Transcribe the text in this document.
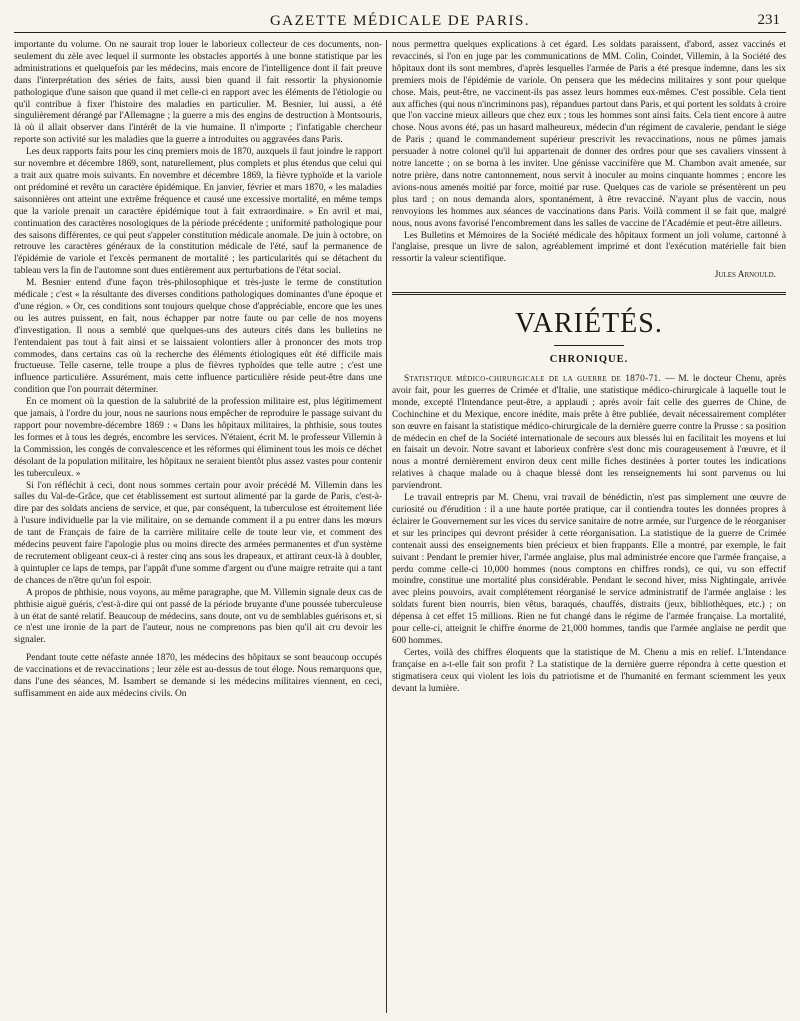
GAZETTE MÉDICALE DE PARIS.	231

importante du volume. On ne saurait trop louer le laborieux collecteur de ces documents, non-seulement du zèle avec lequel il surmonte les obstacles apportés à une bonne statistique par les administrations et quelquefois par les médecins, mais encore de l'intelligence dont il fait preuve dans l'interprétation des séries de faits, aussi bien quand il fait ressortir la physionomie pathologique d'une saison que quand il met celle-ci en rapport avec les éléments de l'étiologie ou qu'il contribue à fixer l'histoire des maladies en particulier. M. Besnier, lui aussi, a été singulièrement dérangé par l'Allemagne ; la guerre a mis des engins de destruction à Montsouris, là où il allait observer dans l'intérêt de la vie humaine. Il n'importe ; l'infatigable chercheur reporte son activité sur les maladies que la guerre a introduites ou aggravées dans Paris.

Les deux rapports faits pour les cinq premiers mois de 1870, auxquels il faut joindre le rapport sur novembre et décembre 1869, sont, naturellement, plus complets et plus étendus que celui qui a trait aux quatre mois suivants. En novembre et décembre 1869, la fièvre typhoïde et la variole ont prédominé et revêtu un caractère épidémique. En janvier, février et mars 1870, « les maladies saisonnières ont atteint une extrême fréquence et causé une excessive mortalité, en même temps que la variole prenait un caractère épidémique tout à fait extraordinaire. » En avril et mai, continuation des caractères nosologiques de la période précédente ; uniformité pathologique pour des saisons différentes, ce qui peut s'appeler constitution médicale anomale. De juin à octobre, on retrouve les caractères généraux de la constitution médicale de l'été, sauf la permanence de l'épidémie de variole et l'excès permanent de mortalité ; les particularités qui se détachent du tableau vers la fin de l'automne sont dues entièrement aux perturbations de l'état social.

M. Besnier entend d'une façon très-philosophique et très-juste le terme de constitution médicale ; c'est « la résultante des diverses conditions pathologiques dominantes d'une époque et d'une région. » Or, ces conditions sont toujours quelque chose d'appréciable, encore que les unes ou les autres puissent, en fait, nous échapper par notre faute ou par celle de nos moyens d'investigation. Il nous a semblé que quelques-uns des auteurs cités dans les bulletins ne l'entendaient pas tout à fait ainsi et se laissaient volontiers aller à prononcer des mots trop commodes, dans certains cas où la recherche des éléments étiologiques eût été difficile mais fructueuse. Telle caserne, telle troupe a plus de fièvres typhoïdes que telle autre ; c'est une influence particulière. Assurément, mais cette influence particulière réside peut-être dans une condition que l'on pourrait déterminer.

En ce moment où la question de la salubrité de la profession militaire est, plus légitimement que jamais, à l'ordre du jour, nous ne saurions nous empêcher de reproduire le passage suivant du rapport pour novembre-décembre 1869 : « Dans les hôpitaux militaires, la phthisie, sous toutes les formes et à tous les degrés, encombre les services. N'étaient, écrit M. le professeur Villemin à la Commission, les congés de convalescence et les réformes qui éliminent tous les mois ce déchet désolant de la population militaire, les hôpitaux ne seraient bientôt plus assez vastes pour contenir les tuberculeux. »

Si l'on réfléchit à ceci, dont nous sommes certain pour avoir précédé M. Villemin dans les salles du Val-de-Grâce, que cet établissement est surtout alimenté par la garde de Paris, c'est-à-dire par des soldats anciens de service, et que, par conséquent, la tuberculose est étroitement liée à l'usure individuelle par la vie militaire, on se demande comment il a pu entrer dans les mœurs de tant de Français de faire de la carrière militaire celle de toute leur vie, et comment des médecins peuvent faire l'apologie plus ou moins directe des armées permanentes et d'un système de recrutement obligeant ceux-ci à rester cinq ans sous les drapeaux, et attirant ceux-là à doubler, à quintupler ce laps de temps, par l'appât d'une somme d'argent ou d'une maigre retraite qui a tant de chances de n'être qu'un fol espoir.

A propos de phthisie, nous voyons, au même paragraphe, que M. Villemin signale deux cas de phthisie aiguë guéris, c'est-à-dire qui ont passé de la période bruyante d'une poussée tuberculeuse à un état de santé relatif. Beaucoup de médecins, sans doute, ont vu de semblables guérisons et, si ce n'est une ironie de la part de l'auteur, nous ne comprenons pas bien qu'il ait cru devoir les signaler.

Pendant toute cette néfaste année 1870, les médecins des hôpitaux se sont beaucoup occupés de vaccinations et de revaccinations ; leur zèle est au-dessus de tout éloge. Nous remarquons que, dans l'une des séances, M. Isambert se demande si les médecins militaires viennent, en ceci, suffisamment en aide aux médecins civils. On

nous permettra quelques explications à cet égard. Les soldats paraissent, d'abord, assez vaccinés et revaccinés, si l'on en juge par les communications de MM. Colin, Coindet, Villemin, à la Société des hôpitaux dont ils sont membres, d'après lesquelles l'armée de Paris a été presque indemne, dans les six premiers mois de l'épidémie de variole. On pensera que les médecins militaires y sont pour quelque chose. Mais, peut-être, ne vaccinent-ils pas assez leurs hommes eux-mêmes. C'est possible. Cela tient aux affiches (qui nous n'incriminons pas), répandues partout dans Paris, et qui portent les soldats à croire que l'on vaccine mieux ailleurs que chez eux ; tous les hommes sont ainsi faits. Cela tient encore à autre chose. Nous avons été, pas un hasard malheureux, médecin d'un régiment de cavalerie, pendant le siége de Paris ; quand le commandement supérieur prescrivit les revaccinations, nous ne pûmes jamais persuader à notre colonel qu'il lui appartenait de donner des ordres pour que ses cavaliers vinssent à notre lancette ; on se borna à les inviter. Une génisse vaccinifère que M. Chambon avait amenée, sur notre prière, dans notre cantonnement, nous servit à inoculer au moins cinquante hommes ; encore les avions-nous amenés moitié par force, moitié par ruse. Quelques cas de variole se présentèrent un peu plus tard ; on nous demanda alors, spontanément, à être revacciné. N'ayant plus de vaccin, nous renvoyions les hommes aux séances de vaccinations dans Paris. Voilà comment il se fait que, malgré nous, nous avons favorisé l'encombrement dans les salles de vaccine de l'Académie et peut-être ailleurs.

Les Bulletins et Mémoires de la Société médicale des hôpitaux forment un joli volume, cartonné à l'anglaise, presque un livre de salon, agréablement imprimé et dont l'exécution matérielle fait bien ressortir la valeur scientifique.

Jules Arnould.
VARIÉTÉS.
CHRONIQUE.

Statistique médico-chirurgicale de la guerre de 1870-71. — M. le docteur Chenu, après avoir fait, pour les guerres de Crimée et d'Italie, une statistique médico-chirurgicale à laquelle tout le monde, excepté l'Intendance peut-être, a applaudi ; après avoir fait celle des guerres de Chine, de Cochinchine et du Mexique, encore inédite, mais prête à être publiée, devait nécessairement compléter son œuvre en faisant la statistique médico-chirurgicale de la dernière guerre contre la Prusse : sa position de médecin en chef de la Société internationale de secours aux blessés lui en facilitait les moyens et lui en faisait un devoir. Notre savant et laborieux confrère s'est donc mis courageusement à l'œuvre, et il nous a montré dernièrement environ deux cent mille fiches destinées à porter toutes les indications relatives à chaque malade ou à chaque blessé dont les renseignements lui sont parvenus ou lui parviendront.

Le travail entrepris par M. Chenu, vrai travail de bénédictin, n'est pas simplement une œuvre de curiosité ou d'érudition : il a une haute portée pratique, car il contiendra toutes les données propres à éclairer le Gouvernement sur les vices du service sanitaire de notre armée, sur l'urgence de le réorganiser et sur les principes qui devront présider à cette réorganisation. La statistique de la guerre de Crimée contenait aussi des enseignements bien précieux et bien frappants. Elle a montré, par exemple, le fait suivant : Pendant le premier hiver, l'armée anglaise, plus mal administrée encore que l'armée française, a perdu comme celle-ci 10,000 hommes (nous comptons en chiffres ronds), ce qui, vu son effectif moindre, constitue une mortalité plus considérable. Pendant le second hiver, miss Nightingale, arrivée avec pleins pouvoirs, avait complétement réorganisé le service administratif de l'armée anglaise : les soldats furent bien nourris, bien vêtus, baraqués, chauffés, distraits (jeux, bibliothèques, etc.) ; on dépensa à cet effet 15 millions. Rien ne fut changé dans le régime de l'armée française. La mortalité, pour celle-ci, atteignit le chiffre énorme de 21,000 hommes, tandis que l'armée anglaise ne perdit que 600 hommes.

Certes, voilà des chiffres éloquents que la statistique de M. Chenu a mis en relief. L'Intendance française en a-t-elle fait son profit ? La statistique de la dernière guerre répondra à cette question et stigmatisera ceux qui violent les lois du patriotisme et de l'humanité en fermant sciemment les yeux devant la lumière.
